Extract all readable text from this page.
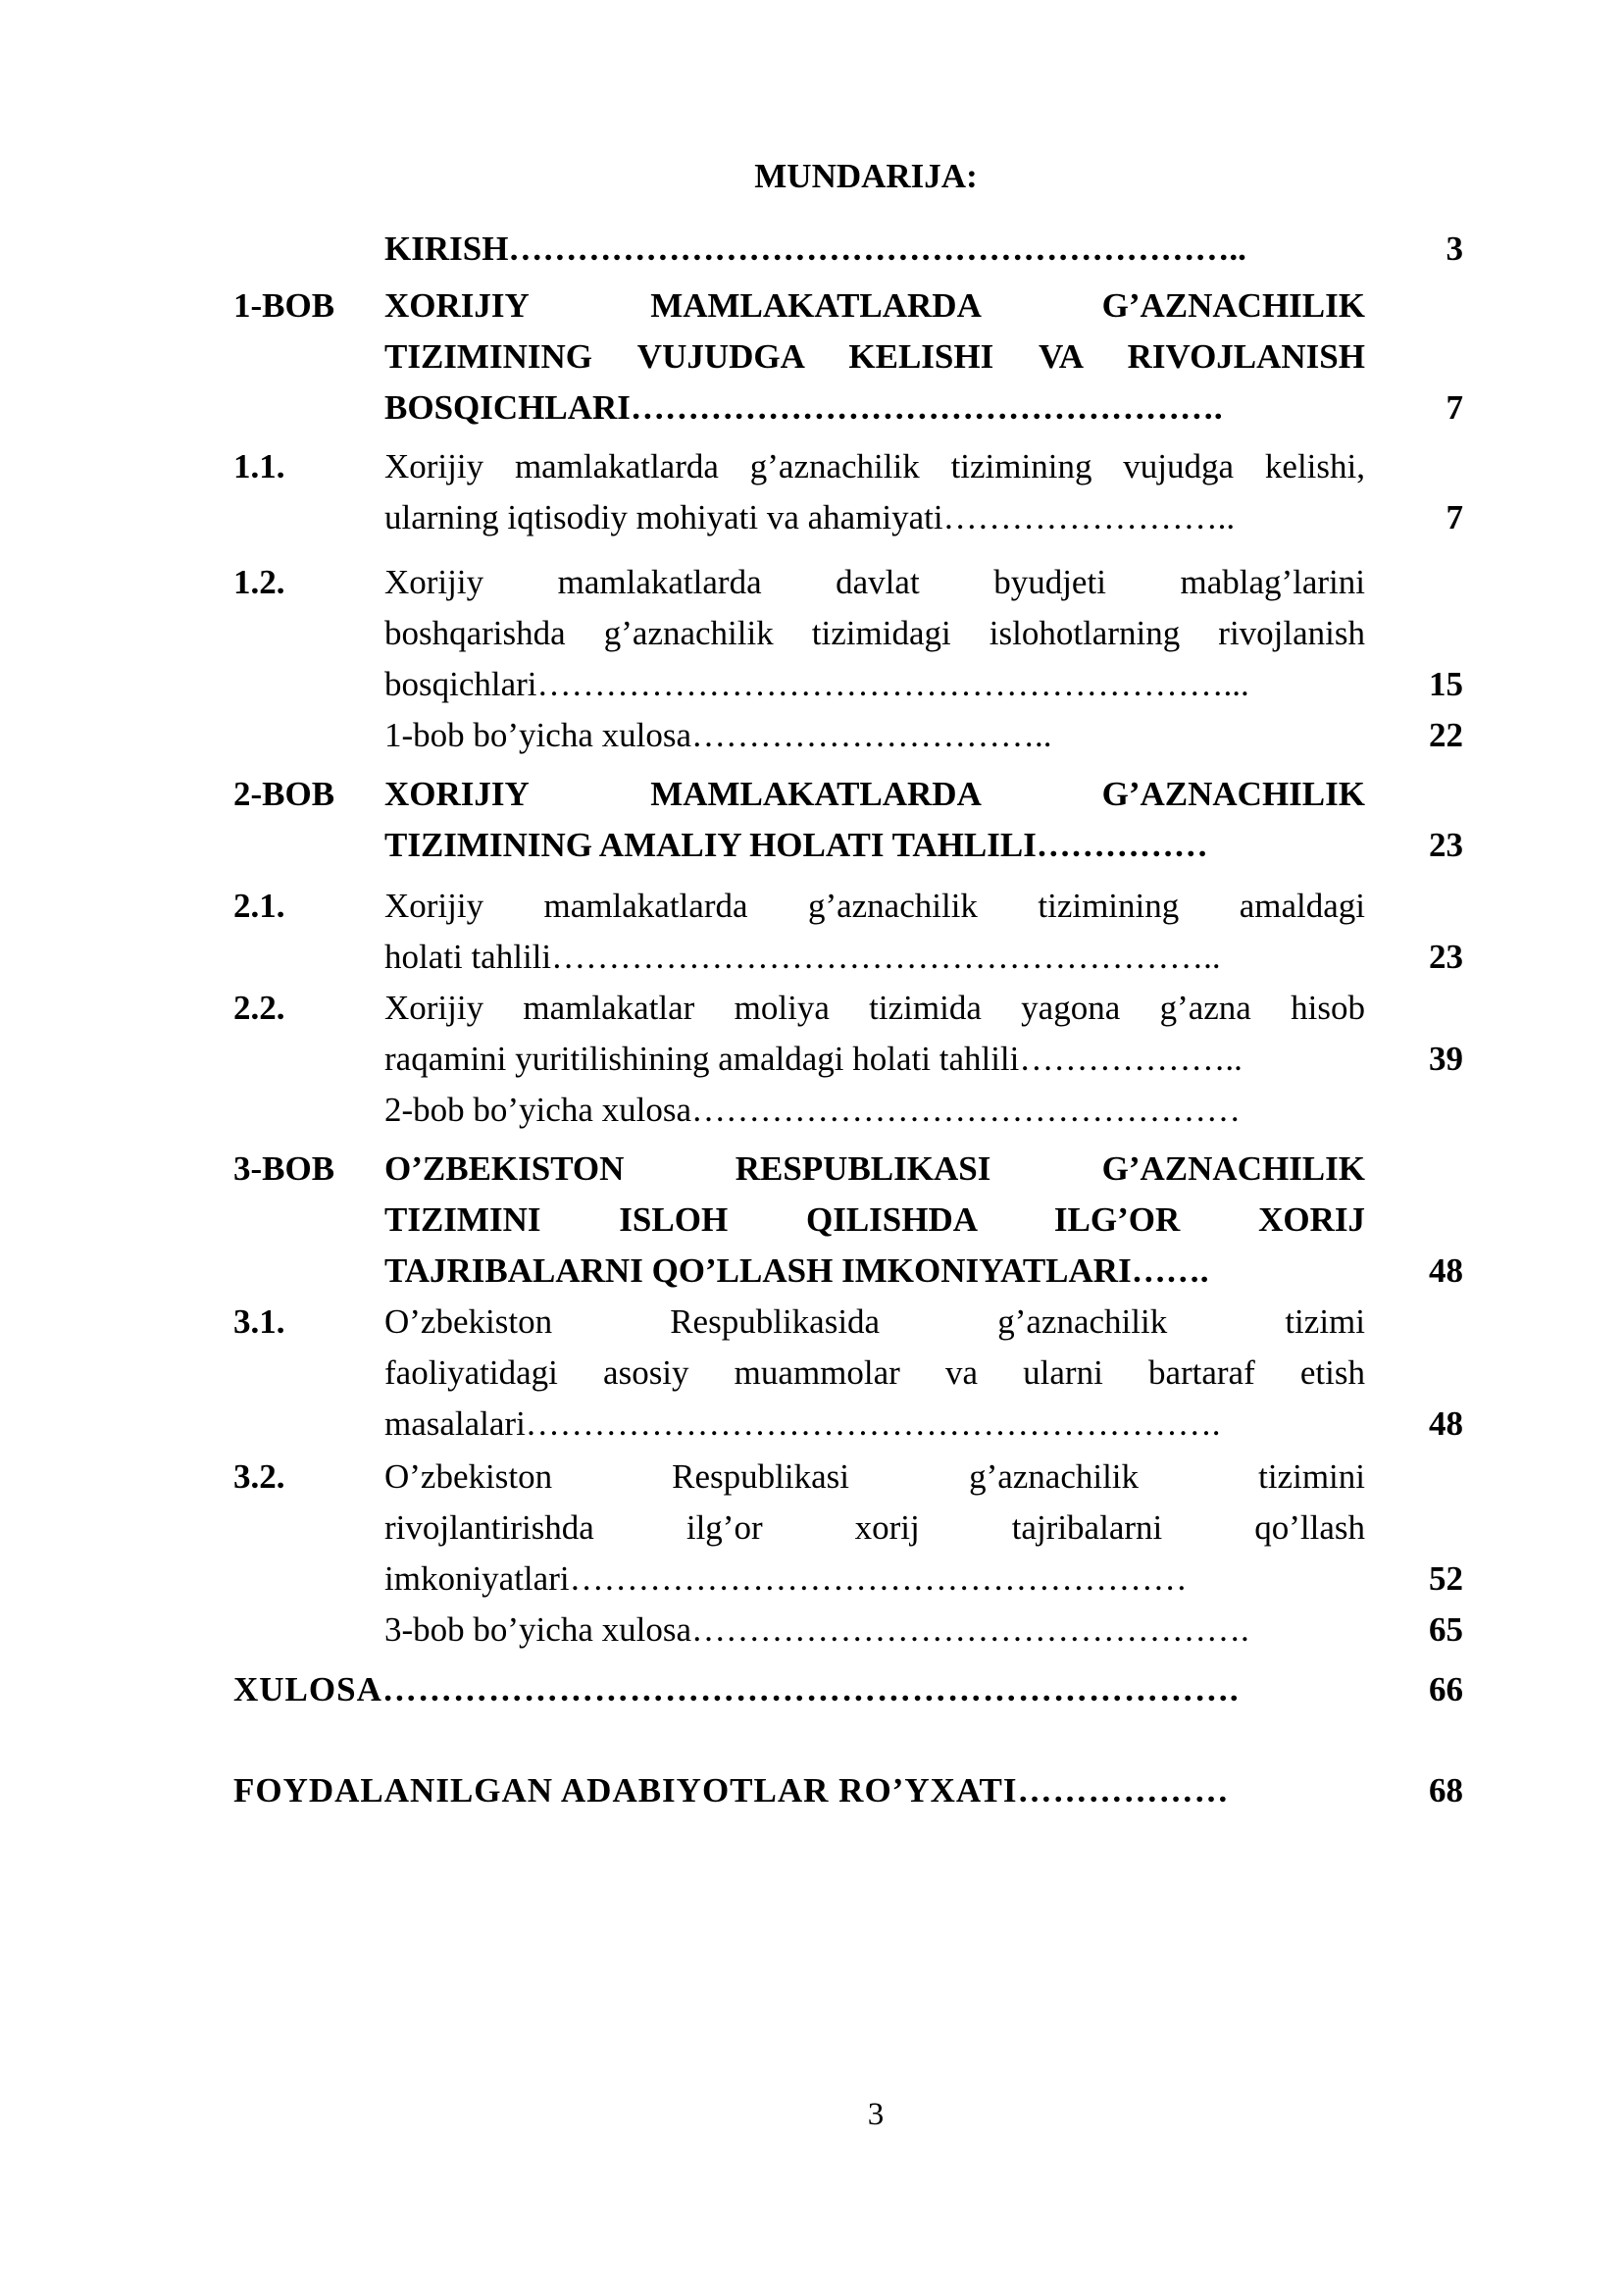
MUNDARIJA:
KIRISH………………………………………………………..	3
1-BOB XORIJIY MAMLAKATLARDA G’AZNACHILIK
TIZIMINING VUJUDGA KELISHI VA RIVOJLANISH
BOSQICHLARI…………………………………………….	7
1.1.	Xorijiy mamlakatlarda g’aznachilik tizimining vujudga kelishi,
ularning iqtisodiy mohiyati va ahamiyati……………………..	7
1.2.	Xorijiy mamlakatlarda davlat byudjeti mablag’larini
boshqarishda g’aznachilik tizimidagi islohotlarning rivojlanish
bosqichlari……………………………………………………...	15
1-bob bo’yicha xulosa…………………………..	22
2-BOB XORIJIY MAMLAKATLARDA G’AZNACHILIK
TIZIMINING AMALIY HOLATI TAHLILI……………	23
2.1.	Xorijiy mamlakatlarda g’aznachilik tizimining amaldagi
holati tahlili…………………………………………………..	23
2.2.	Xorijiy mamlakatlar moliya tizimida yagona g’azna hisob
raqamini yuritilishining amaldagi holati tahlili………………..	39
2-bob bo’yicha xulosa…………………………………………
3-BOB O’ZBEKISTON RESPUBLIKASI G’AZNACHILIK
TIZIMINI ISLOH QILISHDA ILG’OR XORIJ
TAJRIBALARNI QO’LLASH IMKONIYATLARI…….	48
3.1.	O’zbekiston Respublikasida g’aznachilik tizimi
faoliyatidagi asosiy muammolar va ularni bartaraf etish
masalalari…………………………………………………….	48
3.2.	O’zbekiston Respublikasi g’aznachilik tizimini
rivojlantirishda ilg’or xorij tajribalarni qo’llash
imkoniyatlari………………………………………………	52
3-bob bo’yicha xulosa………………………………………….	65
XULOSA……………………………………………………………….	66
FOYDALANILGAN ADABIYOTLAR RO’YXATI………………	68
3
